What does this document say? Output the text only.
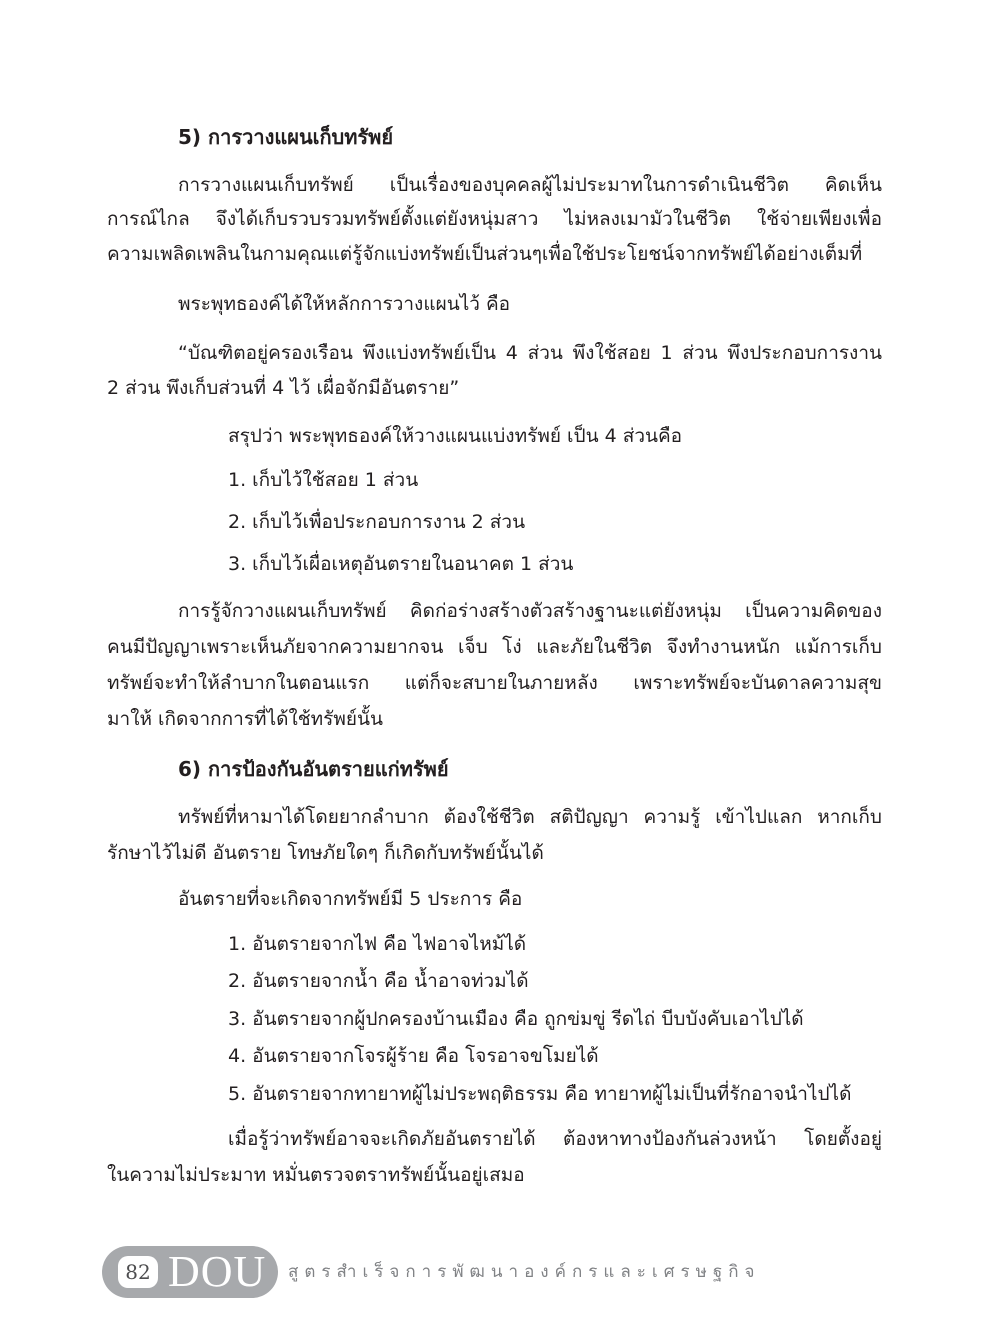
5) การวางแผนเก็บทรัพย์
การวางแผนเก็บทรัพย์ เป็นเรื่องของบุคคลผู้ไม่ประมาทในการดำเนินชีวิต คิดเห็น
การณ์ไกล จึงได้เก็บรวบรวมทรัพย์ตั้งแต่ยังหนุ่มสาว ไม่หลงเมามัวในชีวิต ใช้จ่ายเพียงเพื่อ
ความเพลิดเพลินในกามคุณแต่รู้จักแบ่งทรัพย์เป็นส่วนๆเพื่อใช้ประโยชน์จากทรัพย์ได้อย่างเต็มที่
พระพุทธองค์ได้ให้หลักการวางแผนไว้ คือ
“บัณฑิตอยู่ครองเรือน พึงแบ่งทรัพย์เป็น 4 ส่วน พึงใช้สอย 1 ส่วน พึงประกอบการงาน
2 ส่วน พึงเก็บส่วนที่ 4 ไว้ เผื่อจักมีอันตราย”
สรุปว่า พระพุทธองค์ให้วางแผนแบ่งทรัพย์ เป็น 4 ส่วนคือ
1. เก็บไว้ใช้สอย 1 ส่วน
2. เก็บไว้เพื่อประกอบการงาน 2 ส่วน
3. เก็บไว้เผื่อเหตุอันตรายในอนาคต 1 ส่วน
การรู้จักวางแผนเก็บทรัพย์ คิดก่อร่างสร้างตัวสร้างฐานะแต่ยังหนุ่ม เป็นความคิดของ
คนมีปัญญาเพราะเห็นภัยจากความยากจน เจ็บ โง่ และภัยในชีวิต จึงทำงานหนัก แม้การเก็บ
ทรัพย์จะทำให้ลำบากในตอนแรก แต่ก็จะสบายในภายหลัง เพราะทรัพย์จะบันดาลความสุข
มาให้ เกิดจากการที่ได้ใช้ทรัพย์นั้น
6) การป้องกันอันตรายแก่ทรัพย์
ทรัพย์ที่หามาได้โดยยากลำบาก ต้องใช้ชีวิต สติปัญญา ความรู้ เข้าไปแลก หากเก็บ
รักษาไว้ไม่ดี อันตราย โทษภัยใดๆ ก็เกิดกับทรัพย์นั้นได้
อันตรายที่จะเกิดจากทรัพย์มี 5 ประการ คือ
1. อันตรายจากไฟ คือ ไฟอาจไหม้ได้
2. อันตรายจากน้ำ คือ น้ำอาจท่วมได้
3. อันตรายจากผู้ปกครองบ้านเมือง คือ ถูกข่มขู่ รีดไถ่ บีบบังคับเอาไปได้
4. อันตรายจากโจรผู้ร้าย คือ โจรอาจขโมยได้
5. อันตรายจากทายาทผู้ไม่ประพฤติธรรม คือ ทายาทผู้ไม่เป็นที่รักอาจนำไปได้
เมื่อรู้ว่าทรัพย์อาจจะเกิดภัยอันตรายได้ ต้องหาทางป้องกันล่วงหน้า โดยตั้งอยู่
ในความไม่ประมาท หมั่นตรวจตราทรัพย์นั้นอยู่เสมอ
82 DOU สูตรสำเร็จการพัฒนาองค์กรและเศรษฐกิจ
